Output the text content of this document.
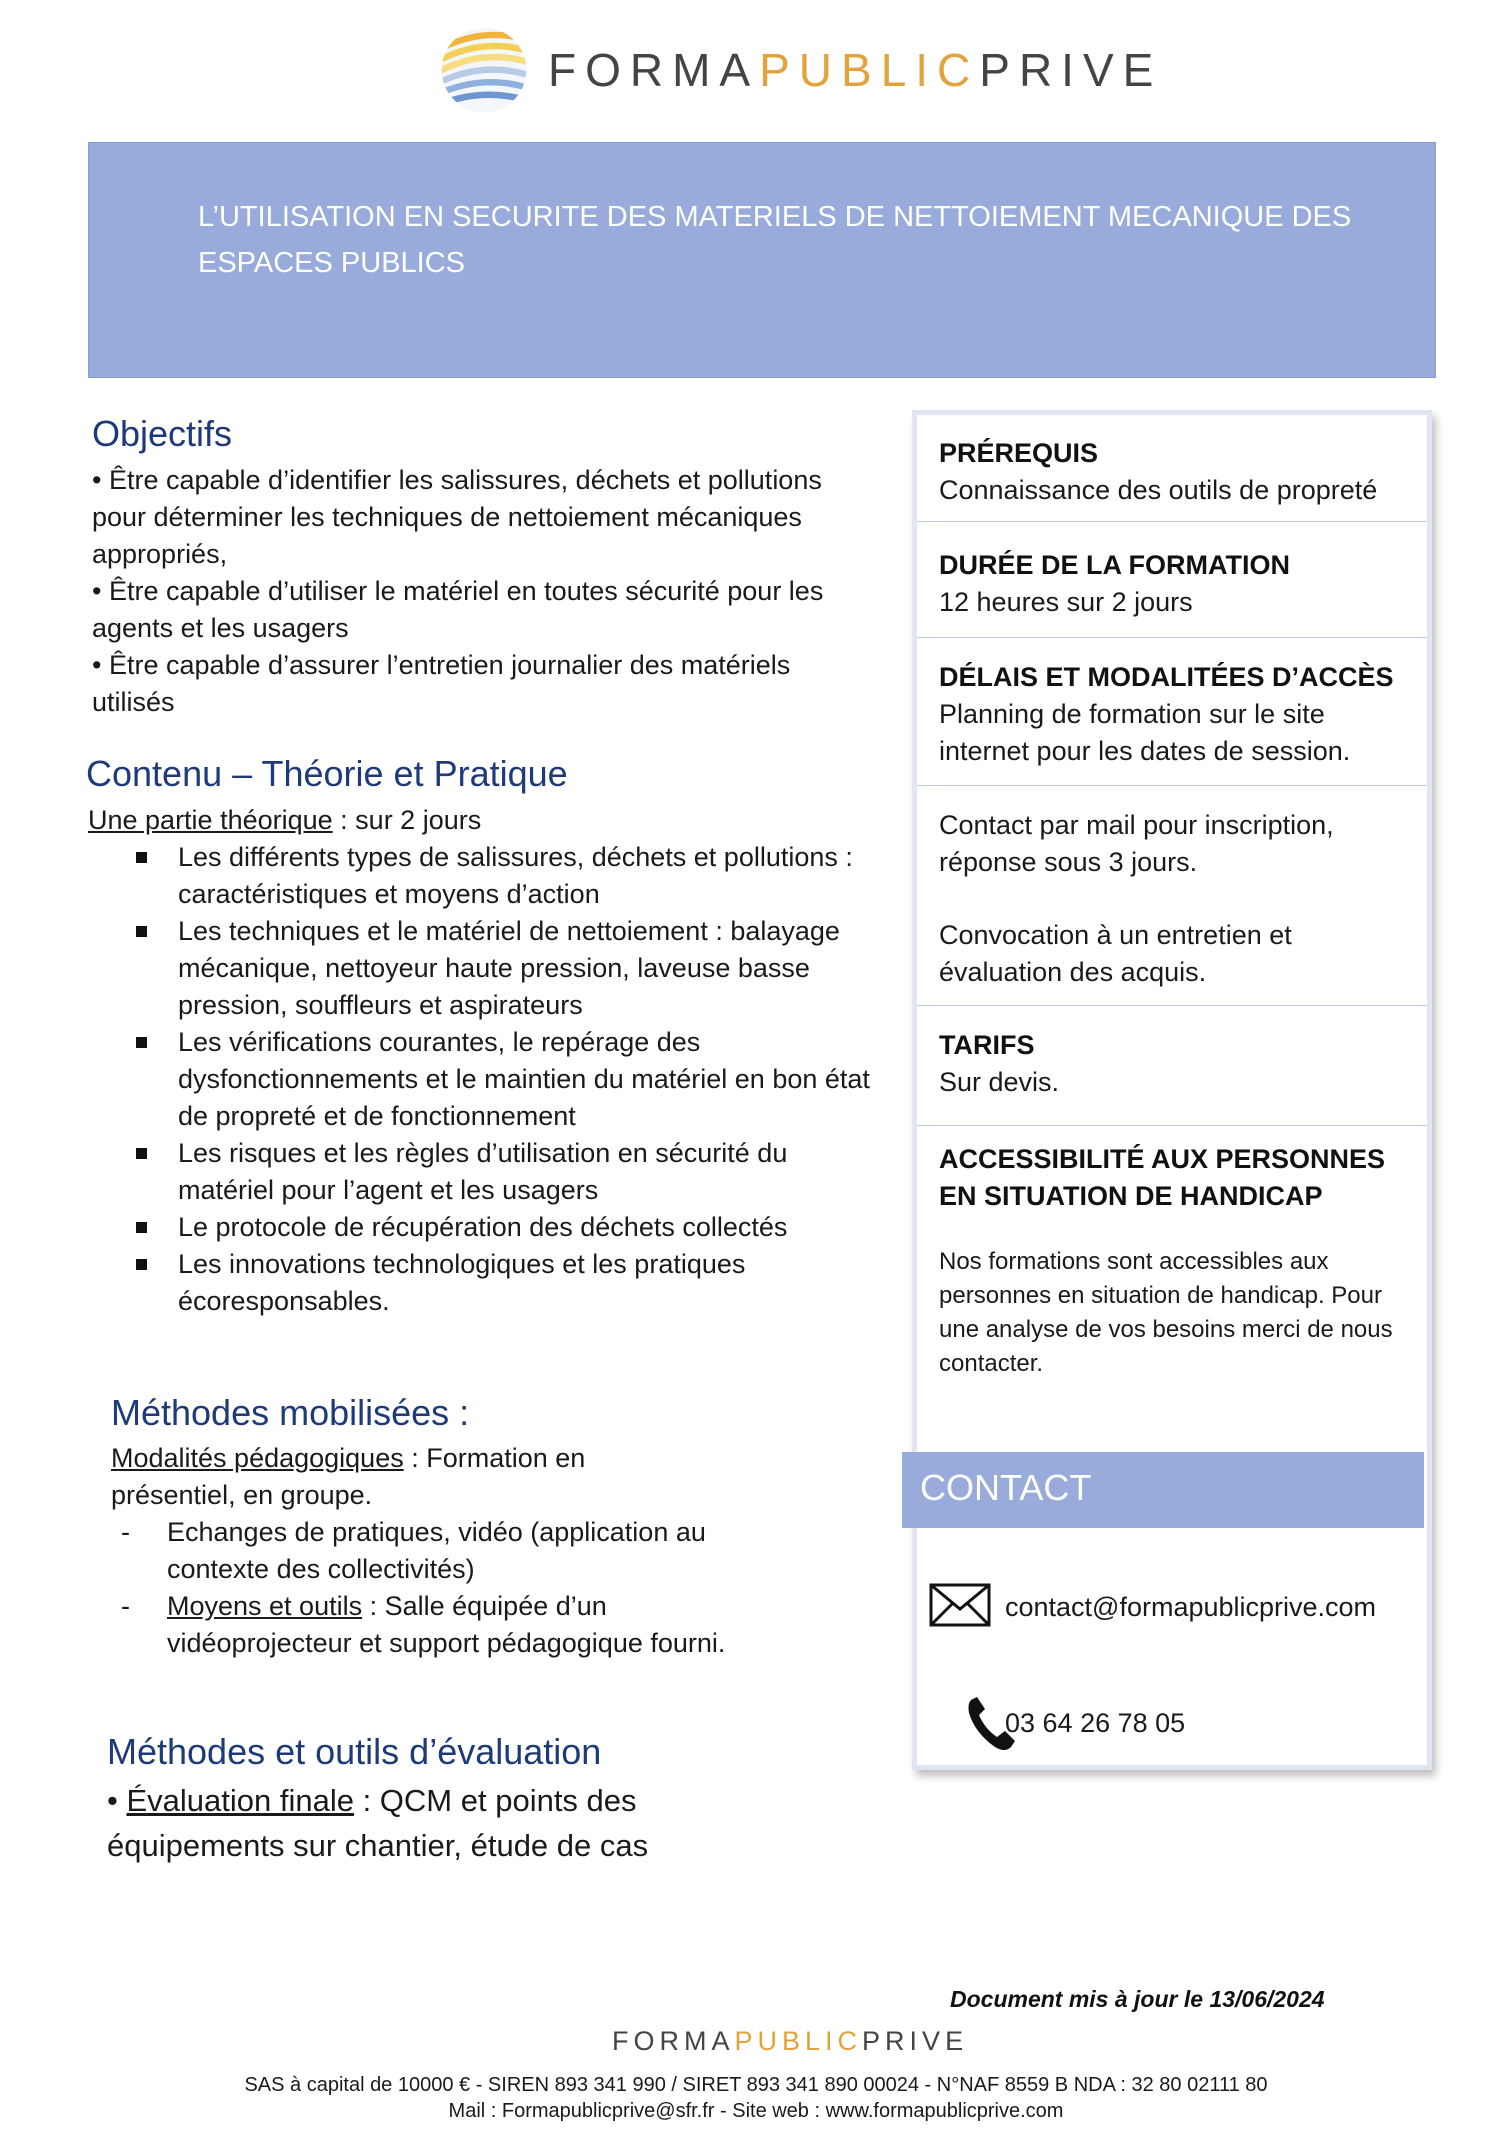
FORMAPUBLICPRIVE
L’UTILISATION EN SECURITE DES MATERIELS DE NETTOIEMENT MECANIQUE DES ESPACES PUBLICS
Objectifs
• Être capable d’identifier les salissures, déchets et pollutions
pour déterminer les techniques de nettoiement mécaniques
appropriés,
• Être capable d’utiliser le matériel en toutes sécurité pour les
agents et les usagers
• Être capable d’assurer l’entretien journalier des matériels
utilisés
Contenu – Théorie et Pratique
Une partie théorique : sur 2 jours
Les différents types de salissures, déchets et pollutions : caractéristiques et moyens d’action
Les techniques et le matériel de nettoiement : balayage mécanique, nettoyeur haute pression, laveuse basse pression, souffleurs et aspirateurs
Les vérifications courantes, le repérage des dysfonctionnements et le maintien du matériel en bon état de propreté et de fonctionnement
Les risques et les règles d’utilisation en sécurité du matériel pour l’agent et les usagers
Le protocole de récupération des déchets collectés
Les innovations technologiques et les pratiques écoresponsables.
Méthodes mobilisées :
Modalités pédagogiques : Formation en présentiel, en groupe.
- Echanges de pratiques, vidéo (application au contexte des collectivités)
- Moyens et outils : Salle équipée d’un vidéoprojecteur et support pédagogique fourni.
Méthodes et outils d’évaluation
• Évaluation finale : QCM et points des équipements sur chantier, étude de cas
PRÉREQUIS
Connaissance des outils de propreté
DURÉE DE LA FORMATION
12 heures sur 2 jours
DÉLAIS ET MODALITÉES D’ACCÈS
Planning de formation sur le site internet pour les dates de session.
Contact par mail pour inscription, réponse sous 3 jours.
Convocation à un entretien et évaluation des acquis.
TARIFS
Sur devis.
ACCESSIBILITÉ AUX PERSONNES EN SITUATION DE HANDICAP
Nos formations sont accessibles aux personnes en situation de handicap. Pour une analyse de vos besoins merci de nous contacter.
contact@formapublicprive.com
03 64 26 78 05
CONTACT
Document mis à jour le 13/06/2024
FORMAPUBLICPRIVE
SAS à capital de 10000 € - SIREN 893 341 990 / SIRET 893 341 890 00024 - N°NAF 8559 B NDA : 32 80 02111 80
Mail : Formapublicprive@sfr.fr - Site web : www.formapublicprive.com
